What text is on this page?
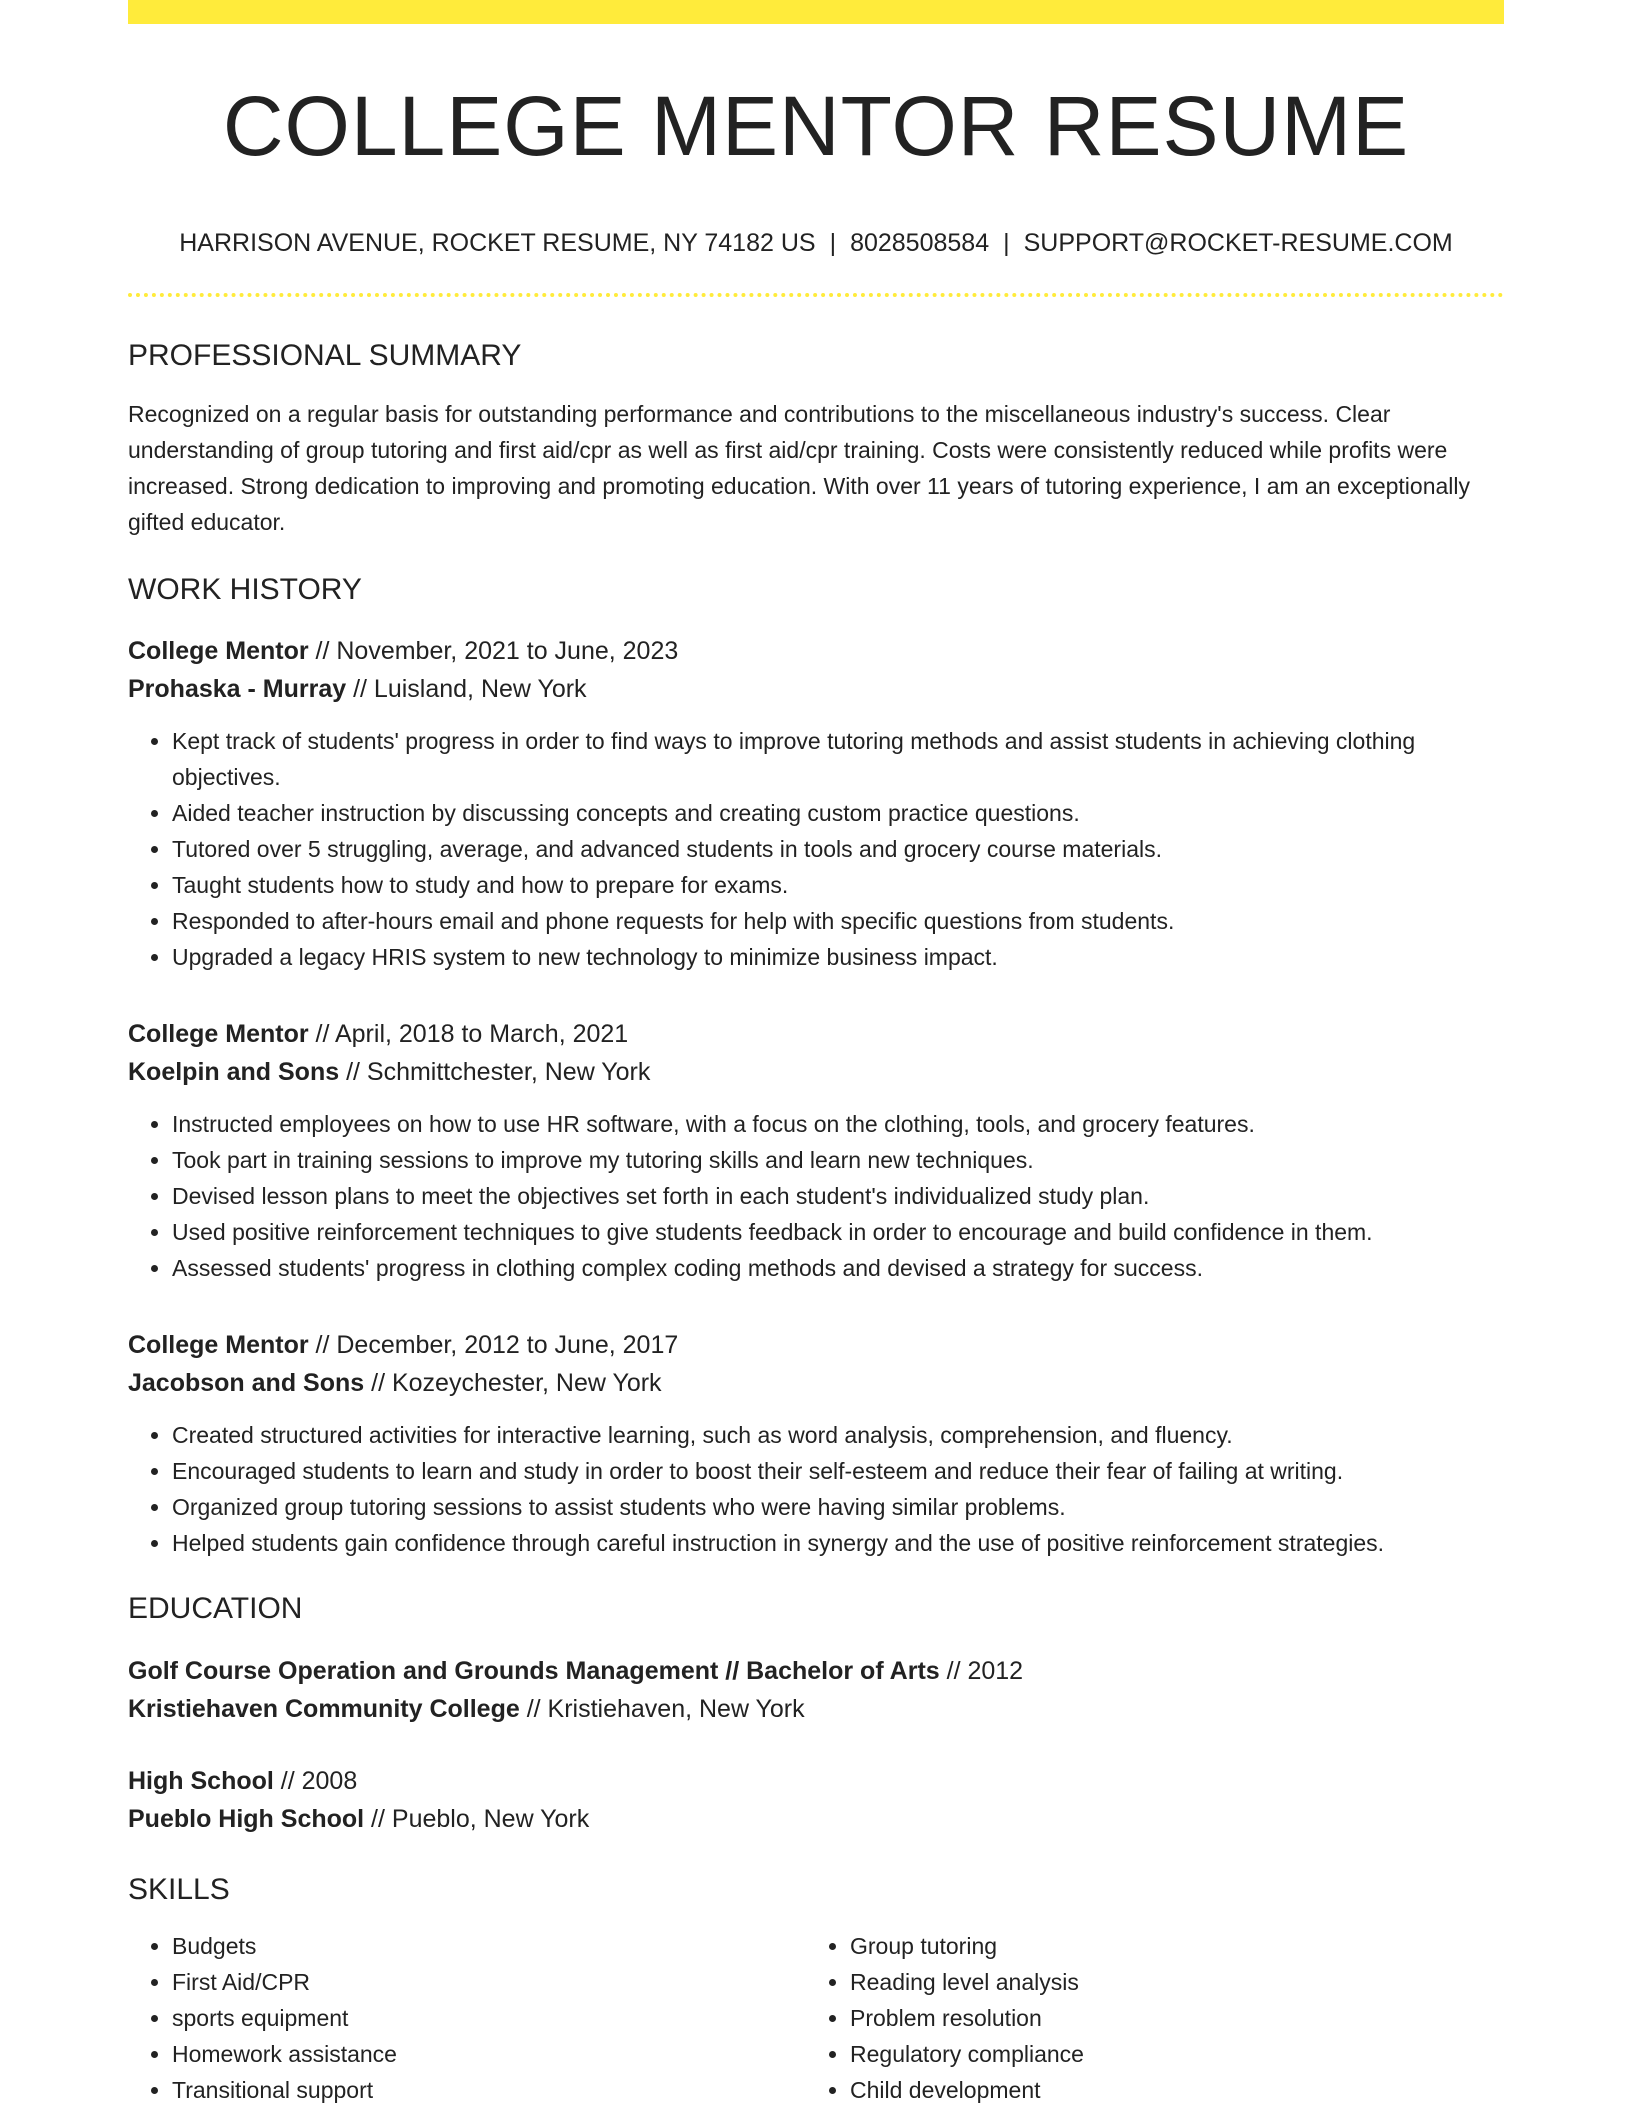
COLLEGE MENTOR RESUME
HARRISON AVENUE, ROCKET RESUME, NY 74182 US | 8028508584 | SUPPORT@ROCKET-RESUME.COM
PROFESSIONAL SUMMARY
Recognized on a regular basis for outstanding performance and contributions to the miscellaneous industry's success. Clear understanding of group tutoring and first aid/cpr as well as first aid/cpr training. Costs were consistently reduced while profits were increased. Strong dedication to improving and promoting education. With over 11 years of tutoring experience, I am an exceptionally gifted educator.
WORK HISTORY
College Mentor // November, 2021 to June, 2023
Prohaska - Murray // Luisland, New York
• Kept track of students' progress in order to find ways to improve tutoring methods and assist students in achieving clothing objectives.
• Aided teacher instruction by discussing concepts and creating custom practice questions.
• Tutored over 5 struggling, average, and advanced students in tools and grocery course materials.
• Taught students how to study and how to prepare for exams.
• Responded to after-hours email and phone requests for help with specific questions from students.
• Upgraded a legacy HRIS system to new technology to minimize business impact.
College Mentor // April, 2018 to March, 2021
Koelpin and Sons // Schmittchester, New York
• Instructed employees on how to use HR software, with a focus on the clothing, tools, and grocery features.
• Took part in training sessions to improve my tutoring skills and learn new techniques.
• Devised lesson plans to meet the objectives set forth in each student's individualized study plan.
• Used positive reinforcement techniques to give students feedback in order to encourage and build confidence in them.
• Assessed students' progress in clothing complex coding methods and devised a strategy for success.
College Mentor // December, 2012 to June, 2017
Jacobson and Sons // Kozeychester, New York
• Created structured activities for interactive learning, such as word analysis, comprehension, and fluency.
• Encouraged students to learn and study in order to boost their self-esteem and reduce their fear of failing at writing.
• Organized group tutoring sessions to assist students who were having similar problems.
• Helped students gain confidence through careful instruction in synergy and the use of positive reinforcement strategies.
EDUCATION
Golf Course Operation and Grounds Management // Bachelor of Arts // 2012
Kristiehaven Community College // Kristiehaven, New York
High School // 2008
Pueblo High School // Pueblo, New York
SKILLS
• Budgets
• First Aid/CPR
• sports equipment
• Homework assistance
• Transitional support
• Group tutoring
• Reading level analysis
• Problem resolution
• Regulatory compliance
• Child development
